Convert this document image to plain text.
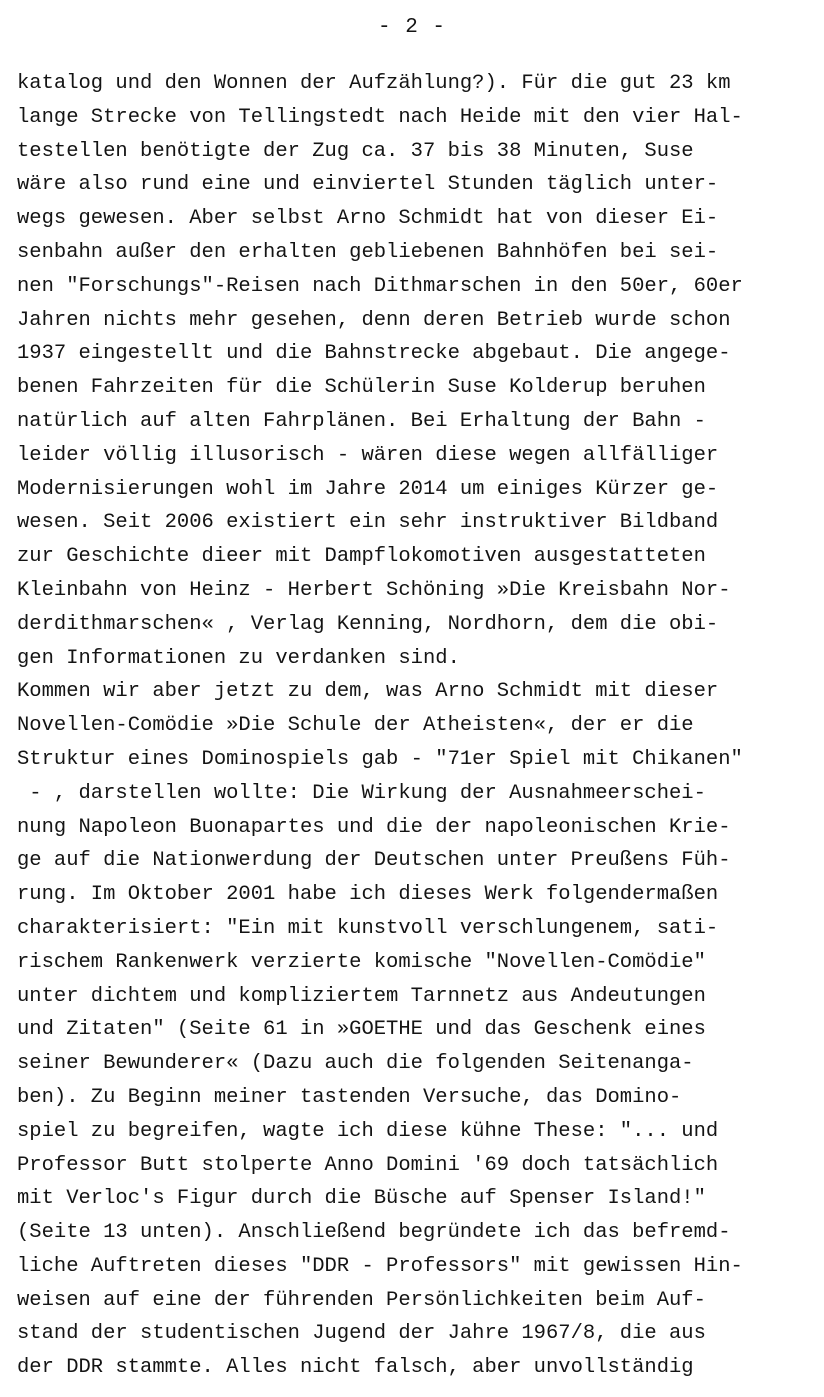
- 2 -
katalog und den Wonnen der Aufzählung?). Für die gut 23 km
lange Strecke von Tellingstedt nach Heide mit den vier Hal-
testellen benötigte der Zug ca. 37 bis 38 Minuten, Suse
wäre also rund eine und einviertel Stunden täglich unter-
wegs gewesen. Aber selbst Arno Schmidt hat von dieser Ei-
senbahn außer den erhalten gebliebenen Bahnhöfen bei sei-
nen "Forschungs"-Reisen nach Dithmarschen in den 50er, 60er
Jahren nichts mehr gesehen, denn deren Betrieb wurde schon
1937 eingestellt und die Bahnstrecke abgebaut. Die angege-
benen Fahrzeiten für die Schülerin Suse Kolderup beruhen
natürlich auf alten Fahrplänen. Bei Erhaltung der Bahn -
leider völlig illusorisch - wären diese wegen allfälliger
Modernisierungen wohl im Jahre 2014 um einiges Kürzer ge-
wesen. Seit 2006 existiert ein sehr instruktiver Bildband
zur Geschichte dieer mit Dampflokomotiven ausgestatteten
Kleinbahn von Heinz - Herbert Schöning »Die Kreisbahn Nor-
derdithmarschen« , Verlag Kenning, Nordhorn, dem die obi-
gen Informationen zu verdanken sind.
Kommen wir aber jetzt zu dem, was Arno Schmidt mit dieser
Novellen-Comödie »Die Schule der Atheisten«, der er die
Struktur eines Dominospiels gab - "71er Spiel mit Chikanen"
- , darstellen wollte: Die Wirkung der Ausnahmeerschei-
nung Napoleon Buonapartes und die der napoleonischen Krie-
ge auf die Nationwerdung der Deutschen unter Preußens Füh-
rung. Im Oktober 2001 habe ich dieses Werk folgendermaßen
charakterisiert: "Ein mit kunstvoll verschlungenem, sati-
rischem Rankenwerk verzierte komische "Novellen-Comödie"
unter dichtem und kompliziertem Tarnnetz aus Andeutungen
und Zitaten" (Seite 61 in »GOETHE und das Geschenk eines
seiner Bewunderer« (Dazu auch die folgenden Seitenanga-
ben). Zu Beginn meiner tastenden Versuche, das Domino-
spiel zu begreifen, wagte ich diese kühne These: "... und
Professor Butt stolperte Anno Domini '69 doch tatsächlich
mit Verloc's Figur durch die Büsche auf Spenser Island!"
(Seite 13 unten). Anschließend begründete ich das befremd-
liche Auftreten dieses "DDR - Professors" mit gewissen Hin-
weisen auf eine der führenden Persönlichkeiten beim Auf-
stand der studentischen Jugend der Jahre 1967/8, die aus
der DDR stammte. Alles nicht falsch, aber unvollständig
